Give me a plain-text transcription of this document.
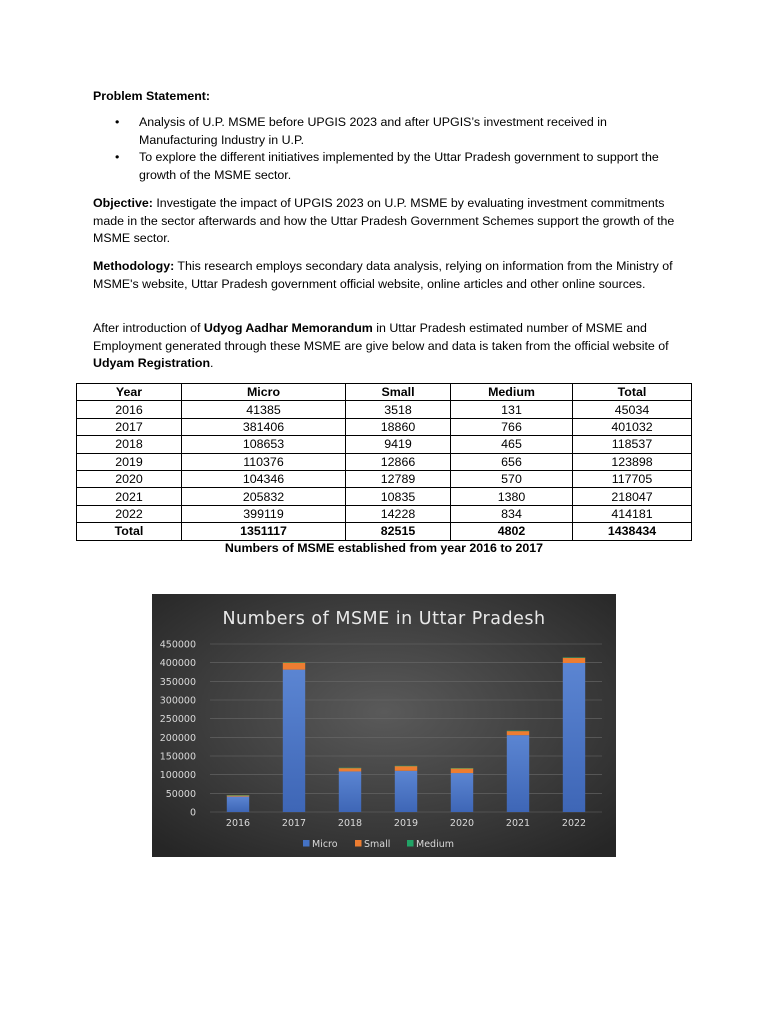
Problem Statement:
• Analysis of U.P. MSME before UPGIS 2023 and after UPGIS’s investment received in Manufacturing Industry in U.P.
• To explore the different initiatives implemented by the Uttar Pradesh government to support the growth of the MSME sector.
Objective: Investigate the impact of UPGIS 2023 on U.P. MSME by evaluating investment commitments made in the sector afterwards and how the Uttar Pradesh Government Schemes support the growth of the MSME sector.
Methodology: This research employs secondary data analysis, relying on information from the Ministry of MSME's website, Uttar Pradesh government official website, online articles and other online sources.
After introduction of Udyog Aadhar Memorandum in Uttar Pradesh estimated number of MSME and Employment generated through these MSME are give below and data is taken from the official website of Udyam Registration.
Year	Micro	Small	Medium	Total
2016	41385	3518	131	45034
2017	381406	18860	766	401032
2018	108653	9419	465	118537
2019	110376	12866	656	123898
2020	104346	12789	570	117705
2021	205832	10835	1380	218047
2022	399119	14228	834	414181
Total	1351117	82515	4802	1438434
Numbers of MSME established from year 2016 to 2017
Numbers of MSME in Uttar Pradesh
0
50000
100000
150000
200000
250000
300000
350000
400000
450000
2016	2017	2018	2019	2020	2021	2022
Micro	Small	Medium
